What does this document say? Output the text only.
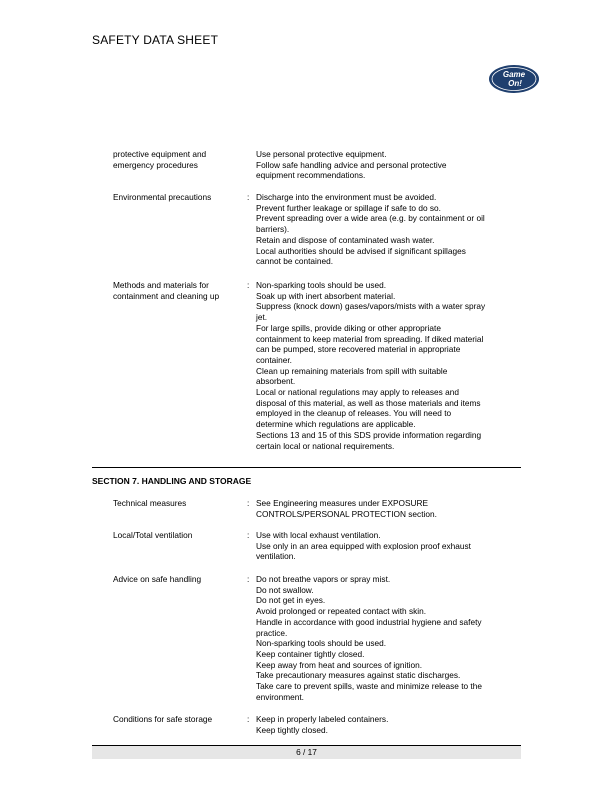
SAFETY DATA SHEET
Game
On!
protective equipment and
emergency procedures
Use personal protective equipment.
Follow safe handling advice and personal protective
equipment recommendations.
Environmental precautions	: Discharge into the environment must be avoided.
Prevent further leakage or spillage if safe to do so.
Prevent spreading over a wide area (e.g. by containment or oil
barriers).
Retain and dispose of contaminated wash water.
Local authorities should be advised if significant spillages
cannot be contained.
Methods and materials for
containment and cleaning up
: Non-sparking tools should be used.
Soak up with inert absorbent material.
Suppress (knock down) gases/vapors/mists with a water spray
jet.
For large spills, provide diking or other appropriate
containment to keep material from spreading. If diked material
can be pumped, store recovered material in appropriate
container.
Clean up remaining materials from spill with suitable
absorbent.
Local or national regulations may apply to releases and
disposal of this material, as well as those materials and items
employed in the cleanup of releases. You will need to
determine which regulations are applicable.
Sections 13 and 15 of this SDS provide information regarding
certain local or national requirements.
SECTION 7. HANDLING AND STORAGE
Technical measures	: See Engineering measures under EXPOSURE
CONTROLS/PERSONAL PROTECTION section.
Local/Total ventilation	: Use with local exhaust ventilation.
Use only in an area equipped with explosion proof exhaust
ventilation.
Advice on safe handling	: Do not breathe vapors or spray mist.
Do not swallow.
Do not get in eyes.
Avoid prolonged or repeated contact with skin.
Handle in accordance with good industrial hygiene and safety
practice.
Non-sparking tools should be used.
Keep container tightly closed.
Keep away from heat and sources of ignition.
Take precautionary measures against static discharges.
Take care to prevent spills, waste and minimize release to the
environment.
Conditions for safe storage	: Keep in properly labeled containers.
Keep tightly closed.
6 / 17
